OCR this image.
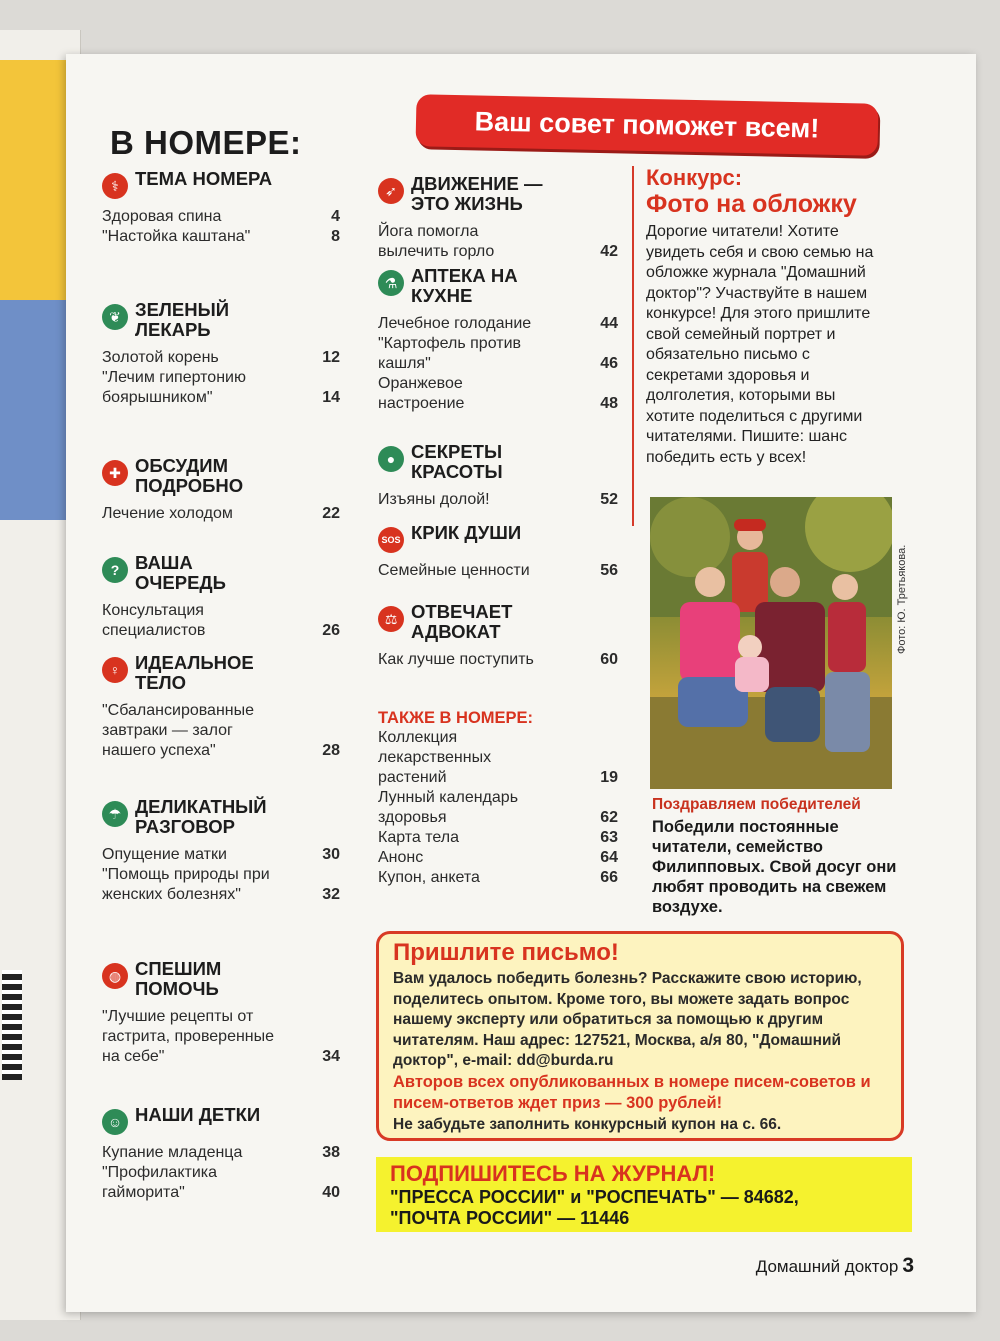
В НОМЕРЕ:	Ваш совет поможет всем!
⚕ ТЕМА НОМЕРА
Здоровая спина	4
"Настойка каштана"	8
❦ ЗЕЛЕНЫЙ ЛЕКАРЬ
Золотой корень	12
"Лечим гипертонию боярышником"	14
✚ ОБСУДИМ ПОДРОБНО
Лечение холодом	22
? ВАША ОЧЕРЕДЬ
Консультация специалистов	26
♀ ИДЕАЛЬНОЕ ТЕЛО
"Сбалансированные завтраки — залог нашего успеха"	28
☂ ДЕЛИКАТНЫЙ РАЗГОВОР
Опущение матки	30
"Помощь природы при женских болезнях"	32
◍ СПЕШИМ ПОМОЧЬ
"Лучшие рецепты от гастрита, проверенные на себе"	34
☺ НАШИ ДЕТКИ
Купание младенца	38
"Профилактика гайморита"	40
➶ ДВИЖЕНИЕ — ЭТО ЖИЗНЬ
Йога помогла вылечить горло	42
⚗ АПТЕКА НА КУХНЕ
Лечебное голодание	44
"Картофель против кашля"	46
Оранжевое настроение	48
● СЕКРЕТЫ КРАСОТЫ
Изъяны долой!	52
SOS КРИК ДУШИ
Семейные ценности	56
⚖ ОТВЕЧАЕТ АДВОКАТ
Как лучше поступить	60
ТАКЖЕ В НОМЕРЕ:
Коллекция лекарственных растений	19
Лунный календарь здоровья	62
Карта тела	63
Анонс	64
Купон, анкета	66
Конкурс:
Фото на обложку
Дорогие читатели! Хотите увидеть себя и свою семью на обложке журнала "Домашний доктор"? Участвуйте в нашем конкурсе! Для этого пришлите свой семейный портрет и обязательно письмо с секретами здоровья и долголетия, которыми вы хотите поделиться с другими читателями. Пишите: шанс победить есть у всех!
Фото: Ю. Третьякова.
Поздравляем победителей
Победили постоянные читатели, семейство Филипповых. Свой досуг они любят проводить на свежем воздухе.
Пришлите письмо!
Вам удалось победить болезнь? Расскажите свою историю, поделитесь опытом. Кроме того, вы можете задать вопрос нашему эксперту или обратиться за помощью к другим читателям. Наш адрес: 127521, Москва, а/я 80, "Домашний доктор", e-mail: dd@burda.ru
Авторов всех опубликованных в номере писем-советов и писем-ответов ждет приз — 300 рублей!
Не забудьте заполнить конкурсный купон на с. 66.
ПОДПИШИТЕСЬ НА ЖУРНАЛ!
"ПРЕССА РОССИИ" и "РОСПЕЧАТЬ" — 84682,
"ПОЧТА РОССИИ" — 11446
Домашний доктор 3
